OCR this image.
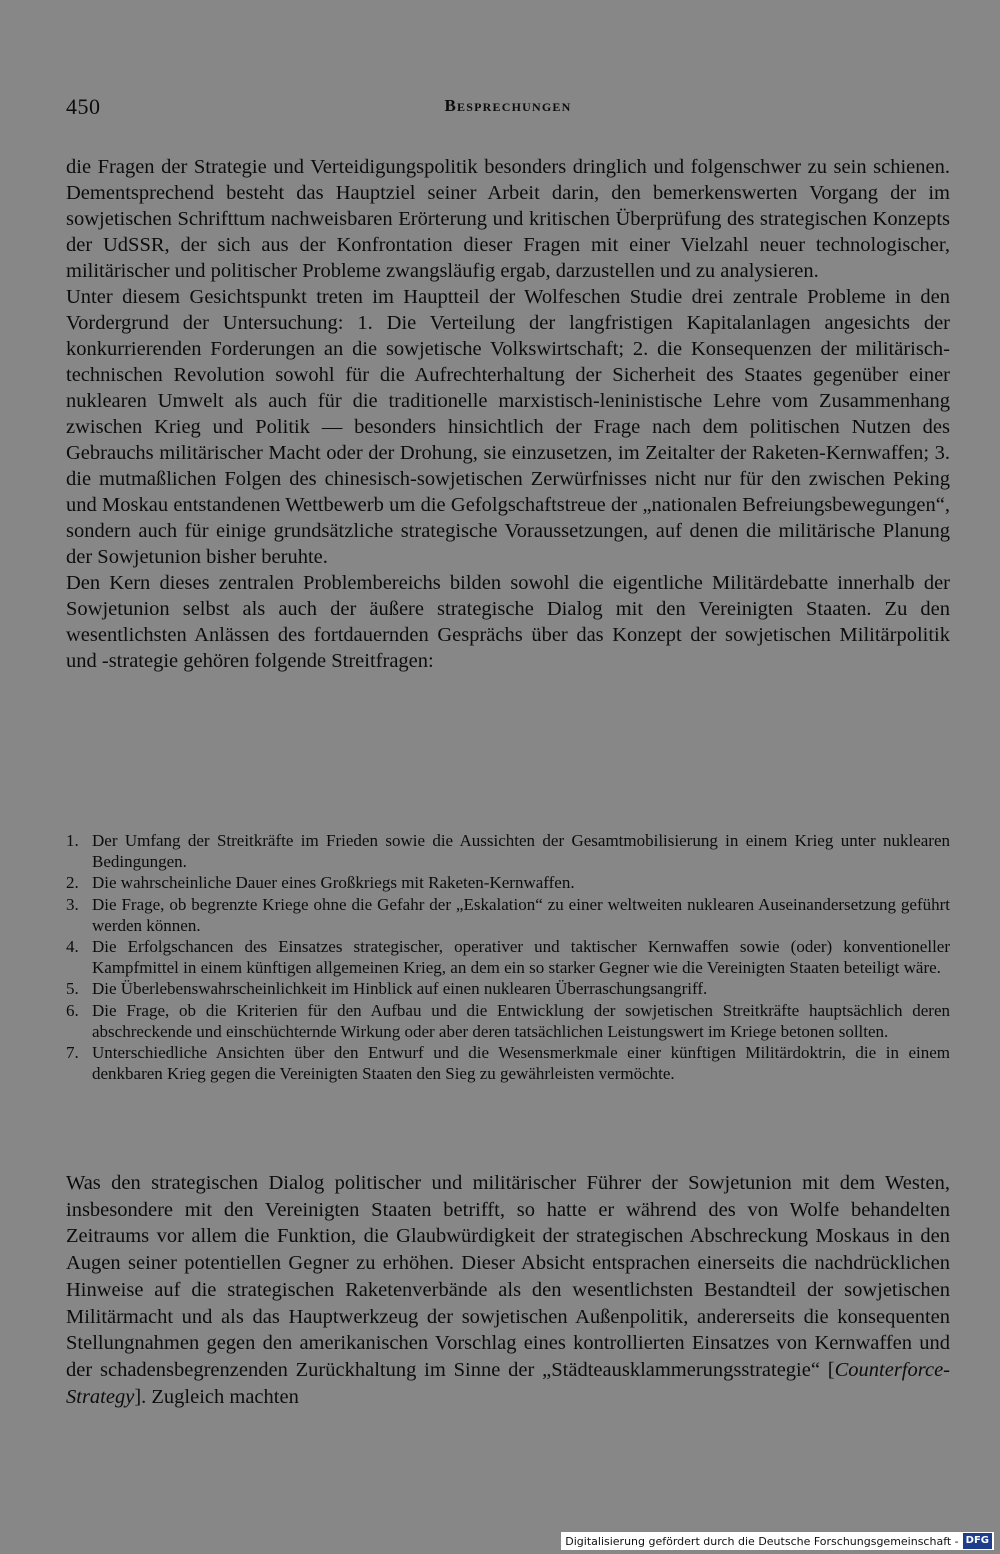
450	Besprechungen

die Fragen der Strategie und Verteidigungspolitik besonders dringlich und folgenschwer zu sein schienen. Dementsprechend besteht das Hauptziel seiner Arbeit darin, den bemerkenswerten Vorgang der im sowjetischen Schrifttum nachweisbaren Erörterung und kritischen Überprüfung des strategischen Konzepts der UdSSR, der sich aus der Konfrontation dieser Fragen mit einer Vielzahl neuer technologischer, militärischer und politischer Probleme zwangsläufig ergab, darzustellen und zu analysieren.

Unter diesem Gesichtspunkt treten im Hauptteil der Wolfeschen Studie drei zentrale Probleme in den Vordergrund der Untersuchung: 1. Die Verteilung der langfristigen Kapitalanlagen angesichts der konkurrierenden Forderungen an die sowjetische Volkswirtschaft; 2. die Konsequenzen der militärisch-technischen Revolution sowohl für die Aufrechterhaltung der Sicherheit des Staates gegenüber einer nuklearen Umwelt als auch für die traditionelle marxistisch-leninistische Lehre vom Zusammenhang zwischen Krieg und Politik — besonders hinsichtlich der Frage nach dem politischen Nutzen des Gebrauchs militärischer Macht oder der Drohung, sie einzusetzen, im Zeitalter der Raketen-Kernwaffen; 3. die mutmaßlichen Folgen des chinesisch-sowjetischen Zerwürfnisses nicht nur für den zwischen Peking und Moskau entstandenen Wettbewerb um die Gefolgschaftstreue der „nationalen Befreiungsbewegungen“, sondern auch für einige grundsätzliche strategische Voraussetzungen, auf denen die militärische Planung der Sowjetunion bisher beruhte.

Den Kern dieses zentralen Problembereichs bilden sowohl die eigentliche Militärdebatte innerhalb der Sowjetunion selbst als auch der äußere strategische Dialog mit den Vereinigten Staaten. Zu den wesentlichsten Anlässen des fortdauernden Gesprächs über das Konzept der sowjetischen Militärpolitik und -strategie gehören folgende Streitfragen:

1. Der Umfang der Streitkräfte im Frieden sowie die Aussichten der Gesamtmobilisierung in einem Krieg unter nuklearen Bedingungen.
2. Die wahrscheinliche Dauer eines Großkriegs mit Raketen-Kernwaffen.
3. Die Frage, ob begrenzte Kriege ohne die Gefahr der „Eskalation“ zu einer weltweiten nuklearen Auseinandersetzung geführt werden können.
4. Die Erfolgschancen des Einsatzes strategischer, operativer und taktischer Kernwaffen sowie (oder) konventioneller Kampfmittel in einem künftigen allgemeinen Krieg, an dem ein so starker Gegner wie die Vereinigten Staaten beteiligt wäre.
5. Die Überlebenswahrscheinlichkeit im Hinblick auf einen nuklearen Überraschungsangriff.
6. Die Frage, ob die Kriterien für den Aufbau und die Entwicklung der sowjetischen Streitkräfte hauptsächlich deren abschreckende und einschüchternde Wirkung oder aber deren tatsächlichen Leistungswert im Kriege betonen sollten.
7. Unterschiedliche Ansichten über den Entwurf und die Wesensmerkmale einer künftigen Militärdoktrin, die in einem denkbaren Krieg gegen die Vereinigten Staaten den Sieg zu gewährleisten vermöchte.

Was den strategischen Dialog politischer und militärischer Führer der Sowjetunion mit dem Westen, insbesondere mit den Vereinigten Staaten betrifft, so hatte er während des von Wolfe behandelten Zeitraums vor allem die Funktion, die Glaubwürdigkeit der strategischen Abschreckung Moskaus in den Augen seiner potentiellen Gegner zu erhöhen. Dieser Absicht entsprachen einerseits die nachdrücklichen Hinweise auf die strategischen Raketenverbände als den wesentlichsten Bestandteil der sowjetischen Militärmacht und als das Hauptwerkzeug der sowjetischen Außenpolitik, andererseits die konsequenten Stellungnahmen gegen den amerikanischen Vorschlag eines kontrollierten Einsatzes von Kernwaffen und der schadensbegrenzenden Zurückhaltung im Sinne der „Städteausklammerungsstrategie“ [Counterforce-Strategy]. Zugleich machten

Digitalisierung gefördert durch die Deutsche Forschungsgemeinschaft - DFG
